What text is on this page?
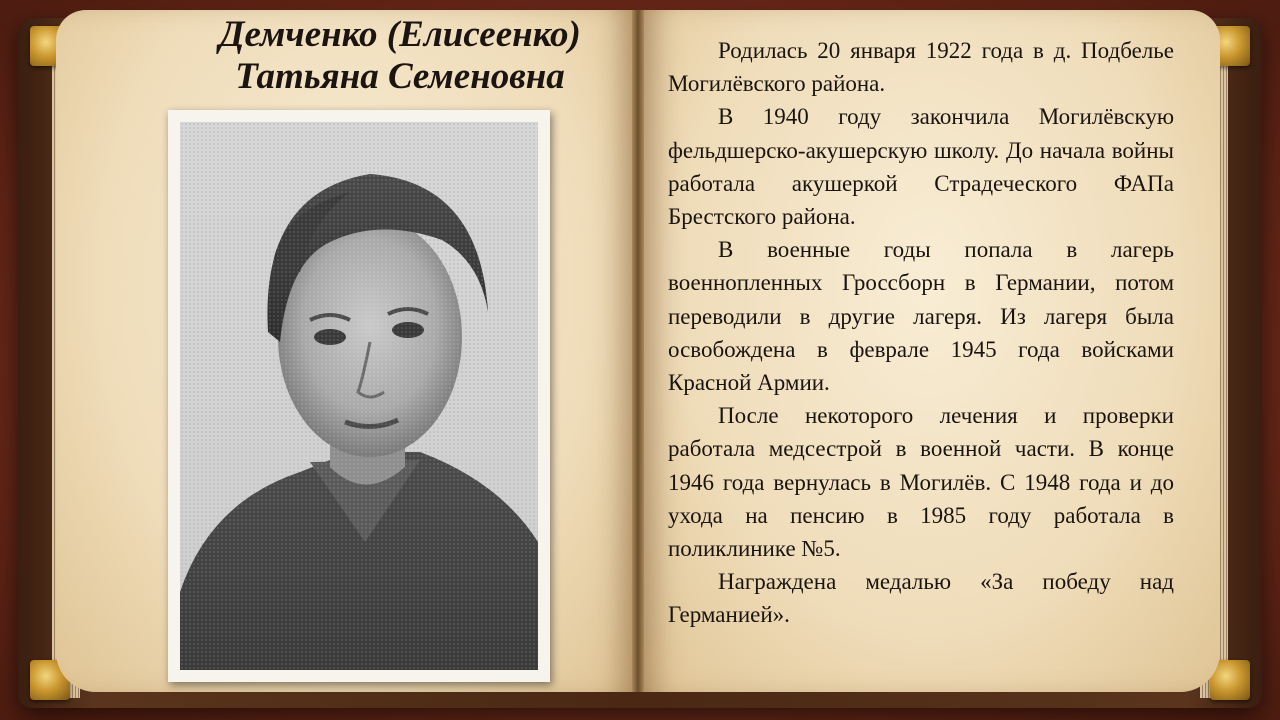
Демченко (Елисеенко)
Татьяна Семеновна

Родилась 20 января 1922 года в д. Подбелье Могилёвского района.

В 1940 году закончила Могилёвскую фельдшерско-акушерскую школу. До начала войны работала акушеркой Страдеческого ФАПа Брестского района.

В военные годы попала в лагерь военнопленных Гроссборн в Германии, потом переводили в другие лагеря. Из лагеря была освобождена в феврале 1945 года войсками Красной Армии.

После некоторого лечения и проверки работала медсестрой в военной части. В конце 1946 года вернулась в Могилёв. С 1948 года и до ухода на пенсию в 1985 году работала в поликлинике №5.

Награждена медалью «За победу над Германией».
